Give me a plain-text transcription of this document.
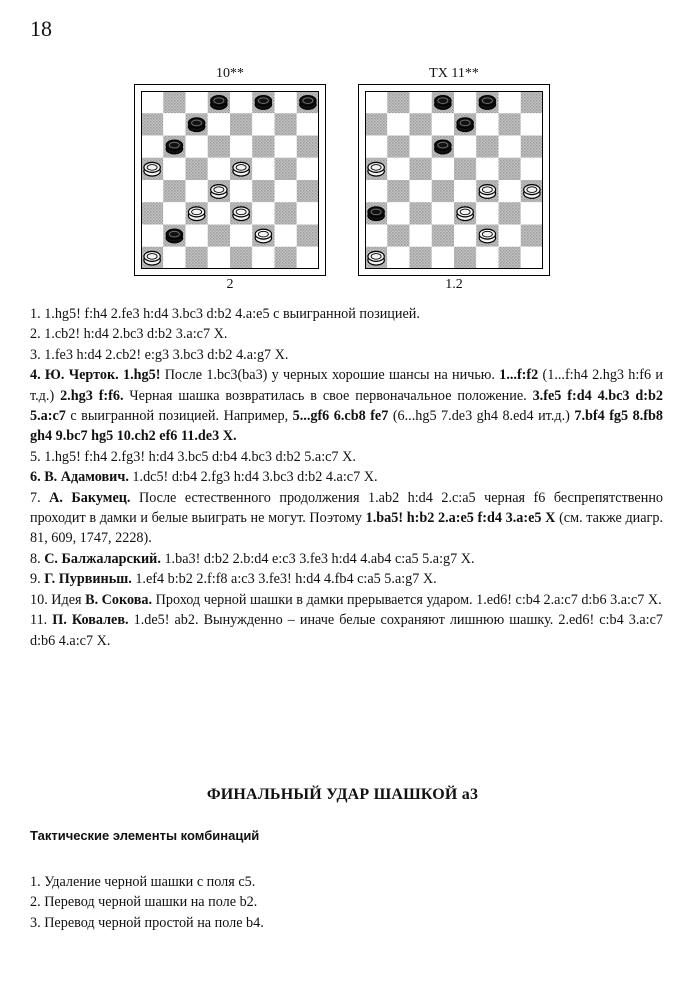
18
10**
2
ТХ 11**
1.2

1. 1.hg5! f:h4 2.fe3 h:d4 3.bc3 d:b2 4.a:e5 с выигранной позицией.

2. 1.cb2! h:d4 2.bc3 d:b2 3.a:c7 X.

3. 1.fe3 h:d4 2.cb2! e:g3 3.bc3 d:b2 4.a:g7 X.

4. Ю. Черток. 1.hg5! После 1.bc3(ba3) у черных хорошие шансы на ничью. 1...f:f2 (1...f:h4 2.hg3 h:f6 и т.д.) 2.hg3 f:f6. Черная шашка возвратилась в свое первоначальное положение. 3.fe5 f:d4 4.bc3 d:b2 5.a:c7 с выигранной позицией. Например, 5...gf6 6.cb8 fe7 (6...hg5 7.de3 gh4 8.ed4 ит.д.) 7.bf4 fg5 8.fb8 gh4 9.bc7 hg5 10.ch2 ef6 11.de3 X.

5. 1.hg5! f:h4 2.fg3! h:d4 3.bc5 d:b4 4.bc3 d:b2 5.a:c7 X.

6. В. Адамович. 1.dc5! d:b4 2.fg3 h:d4 3.bc3 d:b2 4.a:c7 X.

7. А. Бакумец. После естественного продолжения 1.ab2 h:d4 2.c:a5 черная f6 беспрепятственно проходит в дамки и белые выиграть не могут. Поэтому 1.ba5! h:b2 2.a:e5 f:d4 3.a:e5 X (см. также диагр. 81, 609, 1747, 2228).

8. С. Балжаларский. 1.ba3! d:b2 2.b:d4 e:c3 3.fe3 h:d4 4.ab4 c:a5 5.a:g7 X.

9. Г. Пурвиньш. 1.ef4 b:b2 2.f:f8 a:c3 3.fe3! h:d4 4.fb4 c:a5 5.a:g7 X.

10. Идея В. Сокова. Проход черной шашки в дамки прерывается ударом. 1.ed6! c:b4 2.a:c7 d:b6 3.a:c7 X.

11. П. Ковалев. 1.de5! ab2. Вынужденно – иначе белые сохраняют лишнюю шашку. 2.ed6! c:b4 3.a:c7 d:b6 4.a:c7 X.

ФИНАЛЬНЫЙ УДАР ШАШКОЙ a3
Тактические элементы комбинаций

1. Удаление черной шашки с поля c5.

2. Перевод черной шашки на поле b2.

3. Перевод черной простой на поле b4.
